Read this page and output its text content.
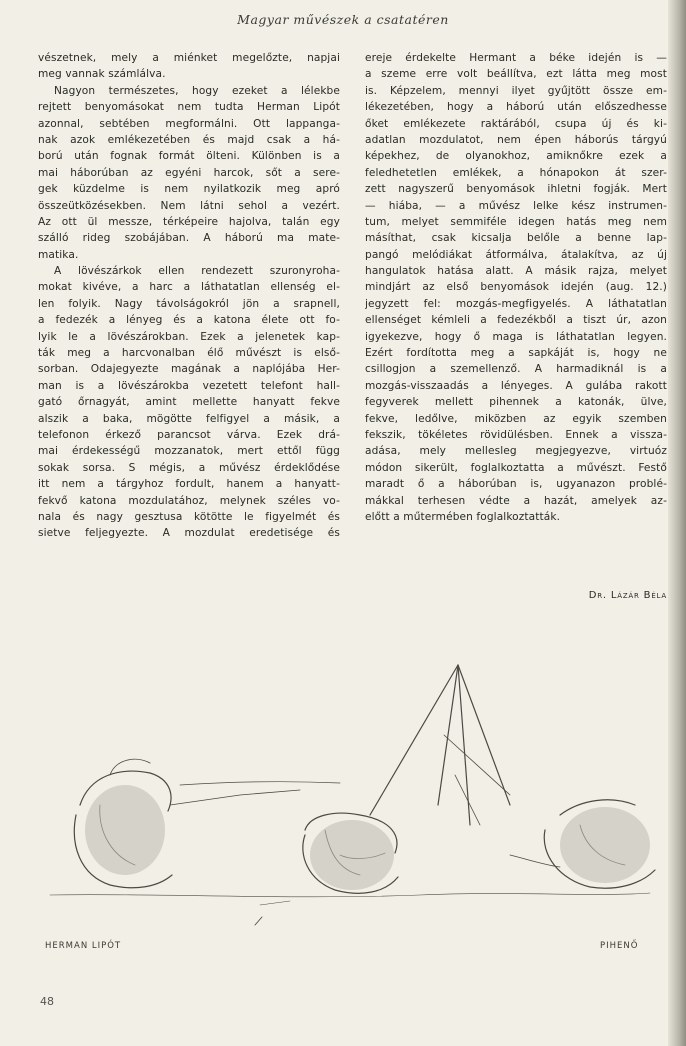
Magyar művészek a csatatéren
vészetnek, mely a miénket megelőzte, napjai
meg vannak számlálva.
Nagyon természetes, hogy ezeket a lélekbe
rejtett benyomásokat nem tudta Herman Lipót
azonnal, sebtében megformálni. Ott lappanga-
nak azok emlékezetében és majd csak a há-
ború után fognak formát ölteni. Különben is a
mai háborúban az egyéni harcok, sőt a sere-
gek küzdelme is nem nyilatkozik meg apró
összeütközésekben. Nem látni sehol a vezért.
Az ott ül messze, térképeire hajolva, talán egy
szálló rideg szobájában. A háború ma mate-
matika.
A lövészárkok ellen rendezett szuronyroha-
mokat kivéve, a harc a láthatatlan ellenség el-
len folyik. Nagy távolságokról jön a srapnell,
a fedezék a lényeg és a katona élete ott fo-
lyik le a lövészárokban. Ezek a jelenetek kap-
ták meg a harcvonalban élő művészt is első-
sorban. Odajegyezte magának a naplójába Her-
man is a lövészárokba vezetett telefont hall-
gató őrnagyát, amint mellette hanyatt fekve
alszik a baka, mögötte felfigyel a másik, a
telefonon érkező parancsot várva. Ezek drá-
mai érdekességű mozzanatok, mert ettől függ
sokak sorsa. S mégis, a művész érdeklődése
itt nem a tárgyhoz fordult, hanem a hanyatt-
fekvő katona mozdulatához, melynek széles vo-
nala és nagy gesztusa kötötte le figyelmét és
sietve feljegyezte. A mozdulat eredetisége és
ereje érdekelte Hermant a béke idején is —
a szeme erre volt beállítva, ezt látta meg most
is. Képzelem, mennyi ilyet gyűjtött össze em-
lékezetében, hogy a háború után előszedhesse
őket emlékezete raktárából, csupa új és ki-
adatlan mozdulatot, nem épen háborús tárgyú
képekhez, de olyanokhoz, amiknőkre ezek a
feledhetetlen emlékek, a hónapokon át szer-
zett nagyszerű benyomások ihletni fogják. Mert
— hiába, — a művész lelke kész instrumen-
tum, melyet semmiféle idegen hatás meg nem
másíthat, csak kicsalja belőle a benne lap-
pangó melódiákat átformálva, átalakítva, az új
hangulatok hatása alatt. A másik rajza, melyet
mindjárt az első benyomások idején (aug. 12.)
jegyzett fel: mozgás-megfigyelés. A láthatatlan
ellenséget kémleli a fedezékből a tiszt úr, azon
igyekezve, hogy ő maga is láthatatlan legyen.
Ezért fordította meg a sapkáját is, hogy ne
csillogjon a szemellenző. A harmadiknál is a
mozgás-visszaadás a lényeges. A gulába rakott
fegyverek mellett pihennek a katonák, ülve,
fekve, ledőlve, miközben az egyik szemben
fekszik, tökéletes rövidülésben. Ennek a vissza-
adása, mely mellesleg megjegyezve, virtuóz
módon sikerült, foglalkoztatta a művészt. Festő
maradt ő a háborúban is, ugyanazon problé-
mákkal terhesen védte a hazát, amelyek az-
előtt a műtermében foglalkoztatták.
Dr. Lázár Béla
HERMAN LIPÓT	PIHENŐ
48
